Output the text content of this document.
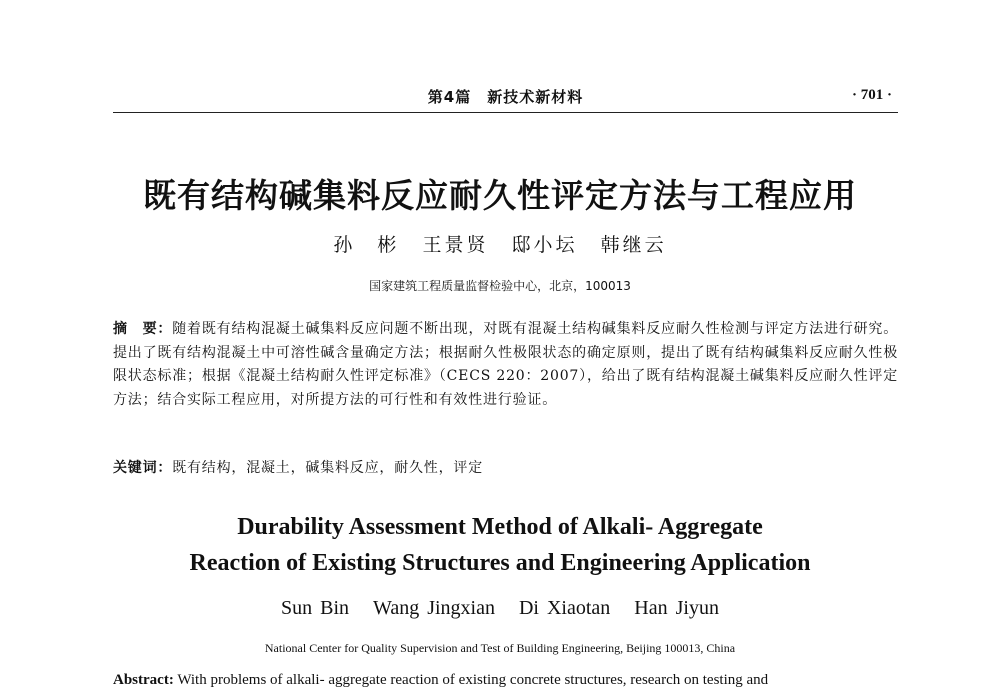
第4篇　新技术新材料	· 701 ·
既有结构碱集料反应耐久性评定方法与工程应用
孙　彬 王景贤 邸小坛 韩继云
国家建筑工程质量监督检验中心，北京，100013
摘　要：随着既有结构混凝土碱集料反应问题不断出现，对既有混凝土结构碱集料反应耐久性检测与评定方法进行研究。提出了既有结构混凝土中可溶性碱含量确定方法；根据耐久性极限状态的确定原则，提出了既有结构碱集料反应耐久性极限状态标准；根据《混凝土结构耐久性评定标准》（CECS 220：2007），给出了既有结构混凝土碱集料反应耐久性评定方法；结合实际工程应用，对所提方法的可行性和有效性进行验证。
关键词：既有结构，混凝土，碱集料反应，耐久性，评定
Durability Assessment Method of Alkali- Aggregate
Reaction of Existing Structures and Engineering Application
Sun Bin Wang Jingxian Di Xiaotan Han Jiyun
National Center for Quality Supervision and Test of Building Engineering, Beijing 100013, China
Abstract: With problems of alkali- aggregate reaction of existing concrete structures, research on testing and
